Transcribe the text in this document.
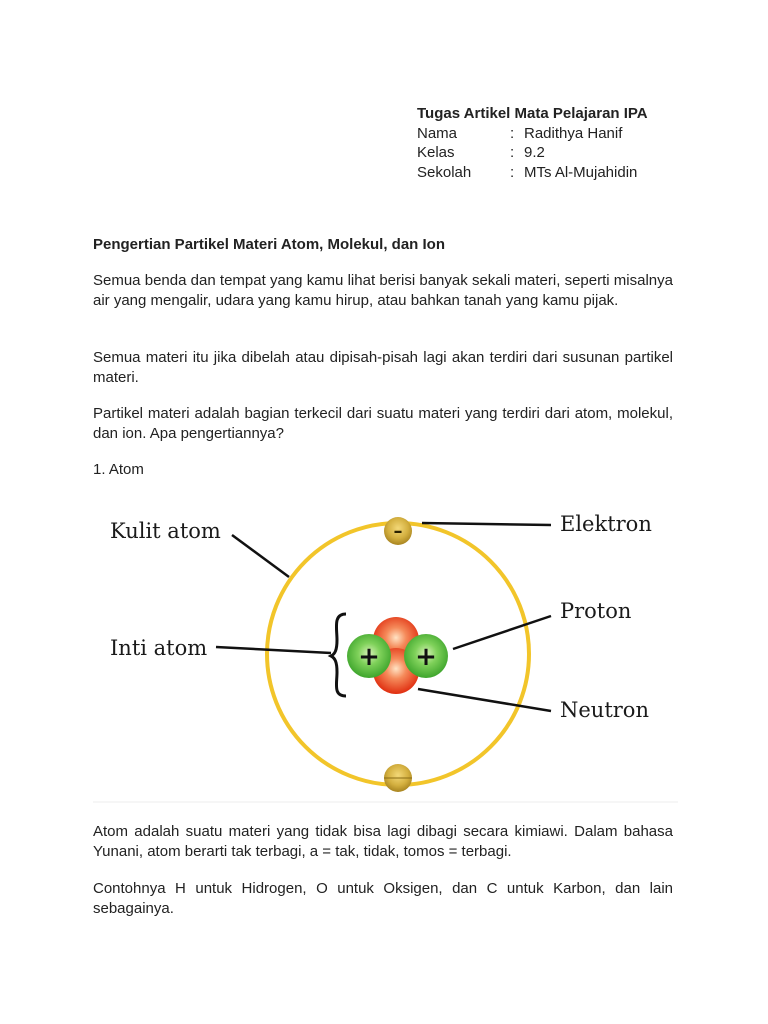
Tugas Artikel Mata Pelajaran IPA
Nama	: Radithya Hanif
Kelas	: 9.2
Sekolah	: MTs Al-Mujahidin
Pengertian Partikel Materi Atom, Molekul, dan Ion

Semua benda dan tempat yang kamu lihat berisi banyak sekali materi, seperti misalnya air yang mengalir, udara yang kamu hirup, atau bahkan tanah yang kamu pijak.

Semua materi itu jika dibelah atau dipisah-pisah lagi akan terdiri dari susunan partikel materi.

Partikel materi adalah bagian terkecil dari suatu materi yang terdiri dari atom, molekul, dan ion. Apa pengertiannya?

1. Atom

–
+ +
Kulit atom	Elektron
Proton
Inti atom
Neutron

Atom adalah suatu materi yang tidak bisa lagi dibagi secara kimiawi. Dalam bahasa Yunani, atom berarti tak terbagi, a = tak, tidak, tomos = terbagi.

Contohnya H untuk Hidrogen, O untuk Oksigen, dan C untuk Karbon, dan lain sebagainya.
